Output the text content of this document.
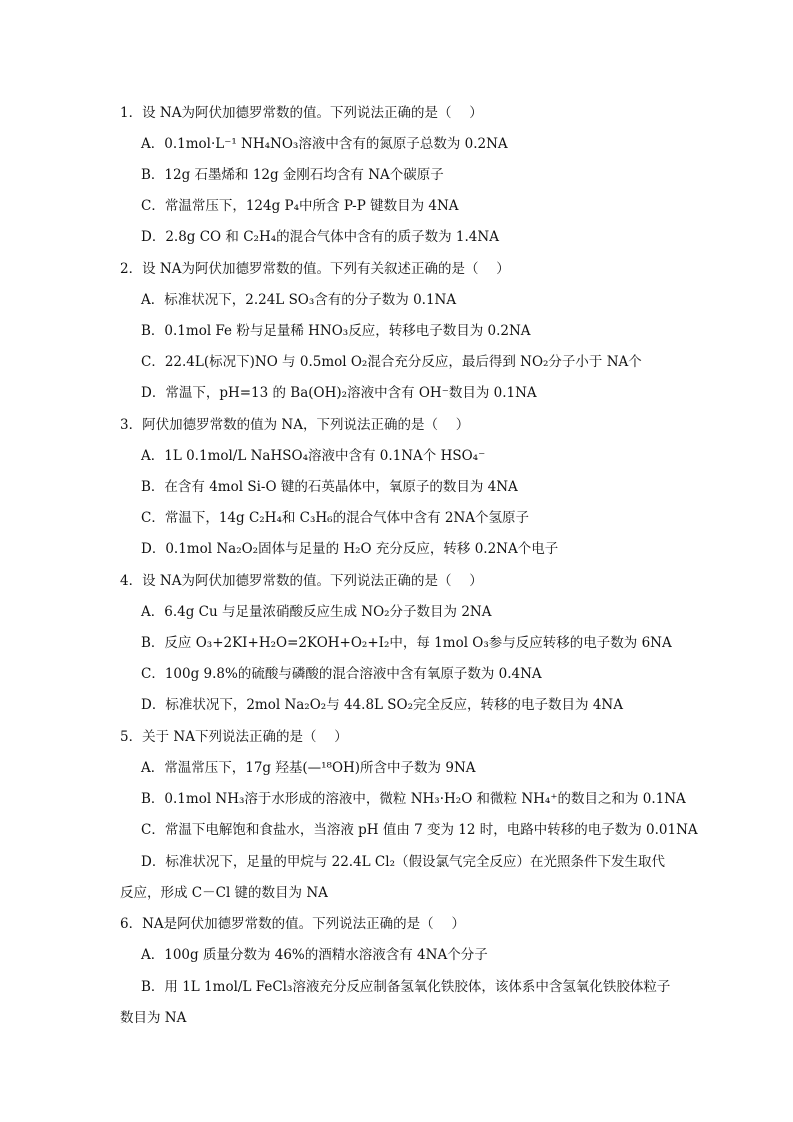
1．设 NA为阿伏加德罗常数的值。下列说法正确的是（　 ）
A．0.1mol·L⁻¹ NH₄NO₃溶液中含有的氮原子总数为 0.2NA
B．12g 石墨烯和 12g 金刚石均含有 NA个碳原子
C．常温常压下，124g P₄中所含 P-P 键数目为 4NA
D．2.8g CO 和 C₂H₄的混合气体中含有的质子数为 1.4NA
2．设 NA为阿伏加德罗常数的值。下列有关叙述正确的是（　 ）
A．标准状况下，2.24L SO₃含有的分子数为 0.1NA
B．0.1mol Fe 粉与足量稀 HNO₃反应，转移电子数目为 0.2NA
C．22.4L(标况下)NO 与 0.5mol O₂混合充分反应，最后得到 NO₂分子小于 NA个
D．常温下，pH=13 的 Ba(OH)₂溶液中含有 OH⁻数目为 0.1NA
3．阿伏加德罗常数的值为 NA，下列说法正确的是（　 ）
A．1L 0.1mol/L NaHSO₄溶液中含有 0.1NA个 HSO₄⁻
B．在含有 4mol Si-O 键的石英晶体中，氧原子的数目为 4NA
C．常温下，14g C₂H₄和 C₃H₆的混合气体中含有 2NA个氢原子
D．0.1mol Na₂O₂固体与足量的 H₂O 充分反应，转移 0.2NA个电子
4．设 NA为阿伏加德罗常数的值。下列说法正确的是（　 ）
A．6.4g Cu 与足量浓硝酸反应生成 NO₂分子数目为 2NA
B．反应 O₃+2KI+H₂O=2KOH+O₂+I₂中，每 1mol O₃参与反应转移的电子数为 6NA
C．100g 9.8%的硫酸与磷酸的混合溶液中含有氧原子数为 0.4NA
D．标准状况下，2mol Na₂O₂与 44.8L SO₂完全反应，转移的电子数目为 4NA
5．关于 NA下列说法正确的是（　 ）
A．常温常压下，17g 羟基(—¹⁸OH)所含中子数为 9NA
B．0.1mol NH₃溶于水形成的溶液中，微粒 NH₃·H₂O 和微粒 NH₄⁺的数目之和为 0.1NA
C．常温下电解饱和食盐水，当溶液 pH 值由 7 变为 12 时，电路中转移的电子数为 0.01NA
D．标准状况下，足量的甲烷与 22.4L Cl₂（假设氯气完全反应）在光照条件下发生取代
反应，形成 C－Cl 键的数目为 NA
6．NA是阿伏加德罗常数的值。下列说法正确的是（　 ）
A．100g 质量分数为 46%的酒精水溶液含有 4NA个分子
B．用 1L 1mol/L FeCl₃溶液充分反应制备氢氧化铁胶体，该体系中含氢氧化铁胶体粒子
数目为 NA
